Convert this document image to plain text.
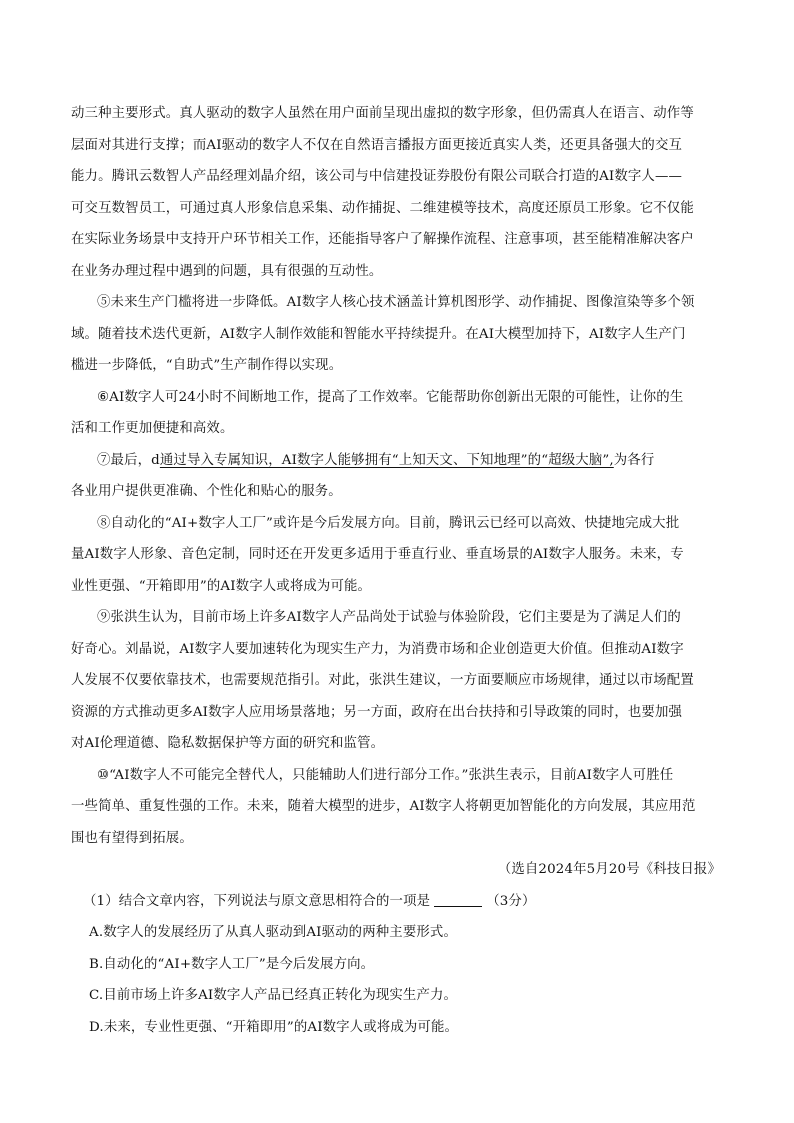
动三种主要形式。真人驱动的数字人虽然在用户面前呈现出虚拟的数字形象，但仍需真人在语言、动作等
层面对其进行支撑；而AI驱动的数字人不仅在自然语言播报方面更接近真实人类，还更具备强大的交互
能力。腾讯云数智人产品经理刘晶介绍，该公司与中信建投证券股份有限公司联合打造的AI数字人——
可交互数智员工，可通过真人形象信息采集、动作捕捉、二维建模等技术，高度还原员工形象。它不仅能
在实际业务场景中支持开户环节相关工作，还能指导客户了解操作流程、注意事项，甚至能精准解决客户
在业务办理过程中遇到的问题，具有很强的互动性。
⑤未来生产门槛将进一步降低。AI数字人核心技术涵盖计算机图形学、动作捕捉、图像渲染等多个领
域。随着技术迭代更新，AI数字人制作效能和智能水平持续提升。在AI大模型加持下，AI数字人生产门
槛进一步降低，“自助式”生产制作得以实现。
⑥AI数字人可24小时不间断地工作，提高了工作效率。它能帮助你创新出无限的可能性，让你的生
活和工作更加便捷和高效。
⑦最后，d通过导入专属知识，AI数字人能够拥有“上知天文、下知地理”的“超级大脑”,为各行
各业用户提供更准确、个性化和贴心的服务。
⑧自动化的“AI+数字人工厂”或许是今后发展方向。目前，腾讯云已经可以高效、快捷地完成大批
量AI数字人形象、音色定制，同时还在开发更多适用于垂直行业、垂直场景的AI数字人服务。未来，专
业性更强、“开箱即用”的AI数字人或将成为可能。
⑨张洪生认为，目前市场上许多AI数字人产品尚处于试验与体验阶段，它们主要是为了满足人们的
好奇心。刘晶说，AI数字人要加速转化为现实生产力，为消费市场和企业创造更大价值。但推动AI数字
人发展不仅要依靠技术，也需要规范指引。对此，张洪生建议，一方面要顺应市场规律，通过以市场配置
资源的方式推动更多AI数字人应用场景落地；另一方面，政府在出台扶持和引导政策的同时，也要加强
对AI伦理道德、隐私数据保护等方面的研究和监管。
⑩“AI数字人不可能完全替代人，只能辅助人们进行部分工作。”张洪生表示，目前AI数字人可胜任
一些简单、重复性强的工作。未来，随着大模型的进步，AI数字人将朝更加智能化的方向发展，其应用范
围也有望得到拓展。
（选自2024年5月20号《科技日报》
（1）结合文章内容，下列说法与原文意思相符合的一项是	（3分）
A.数字人的发展经历了从真人驱动到AI驱动的两种主要形式。
B.自动化的“AI+数字人工厂”是今后发展方向。
C.目前市场上许多AI数字人产品已经真正转化为现实生产力。
D.未来，专业性更强、“开箱即用”的AI数字人或将成为可能。
